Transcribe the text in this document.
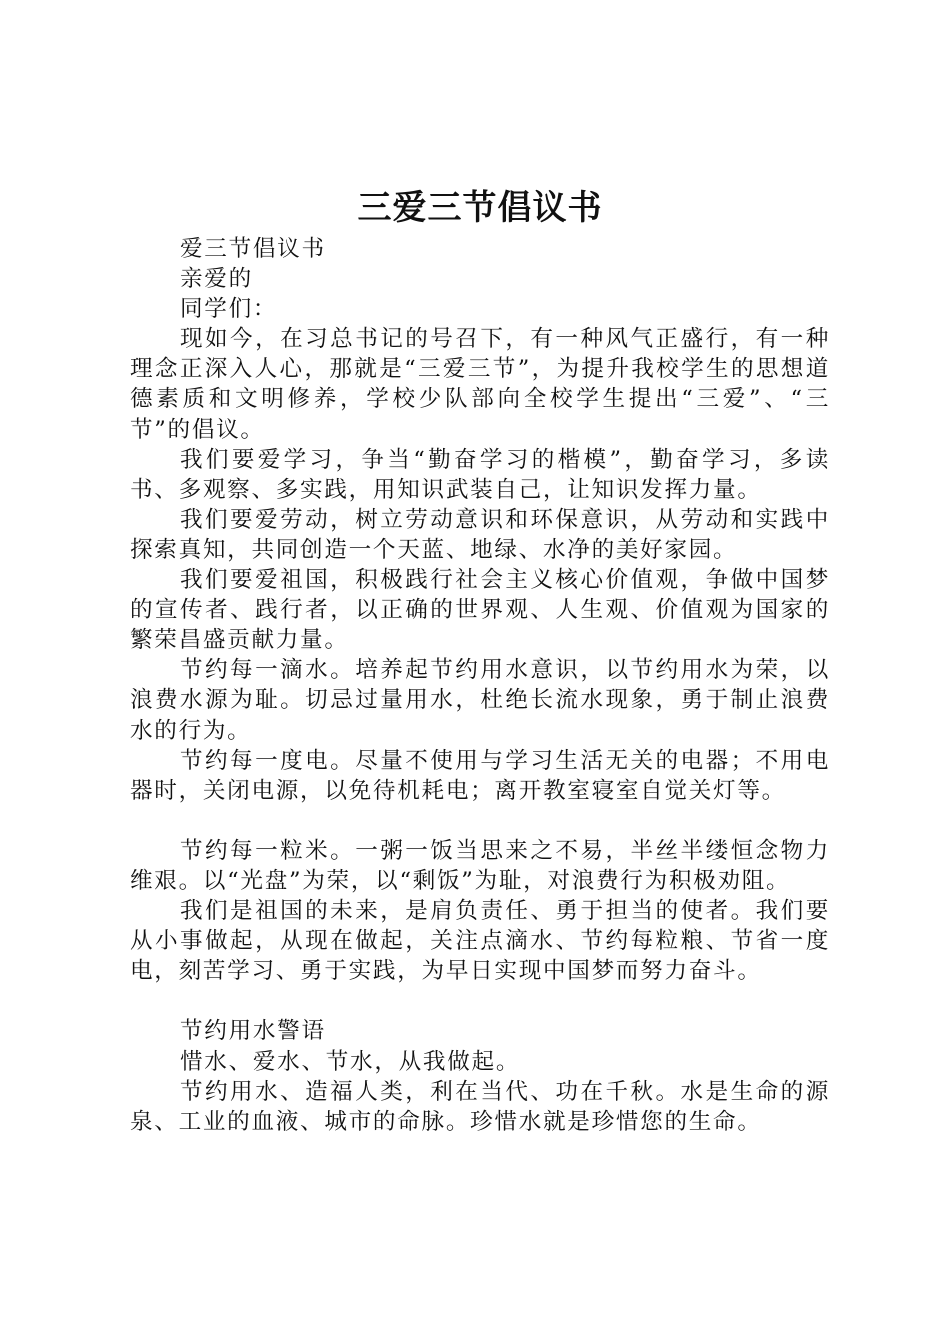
三爱三节倡议书

爱三节倡议书

亲爱的

同学们：

现如今，在习总书记的号召下，有一种风气正盛行，有一种理念正深入人心，那就是“三爱三节”，为提升我校学生的思想道德素质和文明修养，学校少队部向全校学生提出“三爱”、“三节”的倡议。

我们要爱学习，争当“勤奋学习的楷模”，勤奋学习，多读书、多观察、多实践，用知识武装自己，让知识发挥力量。

我们要爱劳动，树立劳动意识和环保意识，从劳动和实践中探索真知，共同创造一个天蓝、地绿、水净的美好家园。

我们要爱祖国，积极践行社会主义核心价值观，争做中国梦的宣传者、践行者，以正确的世界观、人生观、价值观为国家的繁荣昌盛贡献力量。

节约每一滴水。培养起节约用水意识，以节约用水为荣，以浪费水源为耻。切忌过量用水，杜绝长流水现象，勇于制止浪费水的行为。

节约每一度电。尽量不使用与学习生活无关的电器；不用电器时，关闭电源，以免待机耗电；离开教室寝室自觉关灯等。

节约每一粒米。一粥一饭当思来之不易，半丝半缕恒念物力维艰。以“光盘”为荣，以“剩饭”为耻，对浪费行为积极劝阻。

我们是祖国的未来，是肩负责任、勇于担当的使者。我们要从小事做起，从现在做起，关注点滴水、节约每粒粮、节省一度电，刻苦学习、勇于实践，为早日实现中国梦而努力奋斗。

节约用水警语

惜水、爱水、节水，从我做起。

节约用水、造福人类，利在当代、功在千秋。水是生命的源泉、工业的血液、城市的命脉。珍惜水就是珍惜您的生命。
